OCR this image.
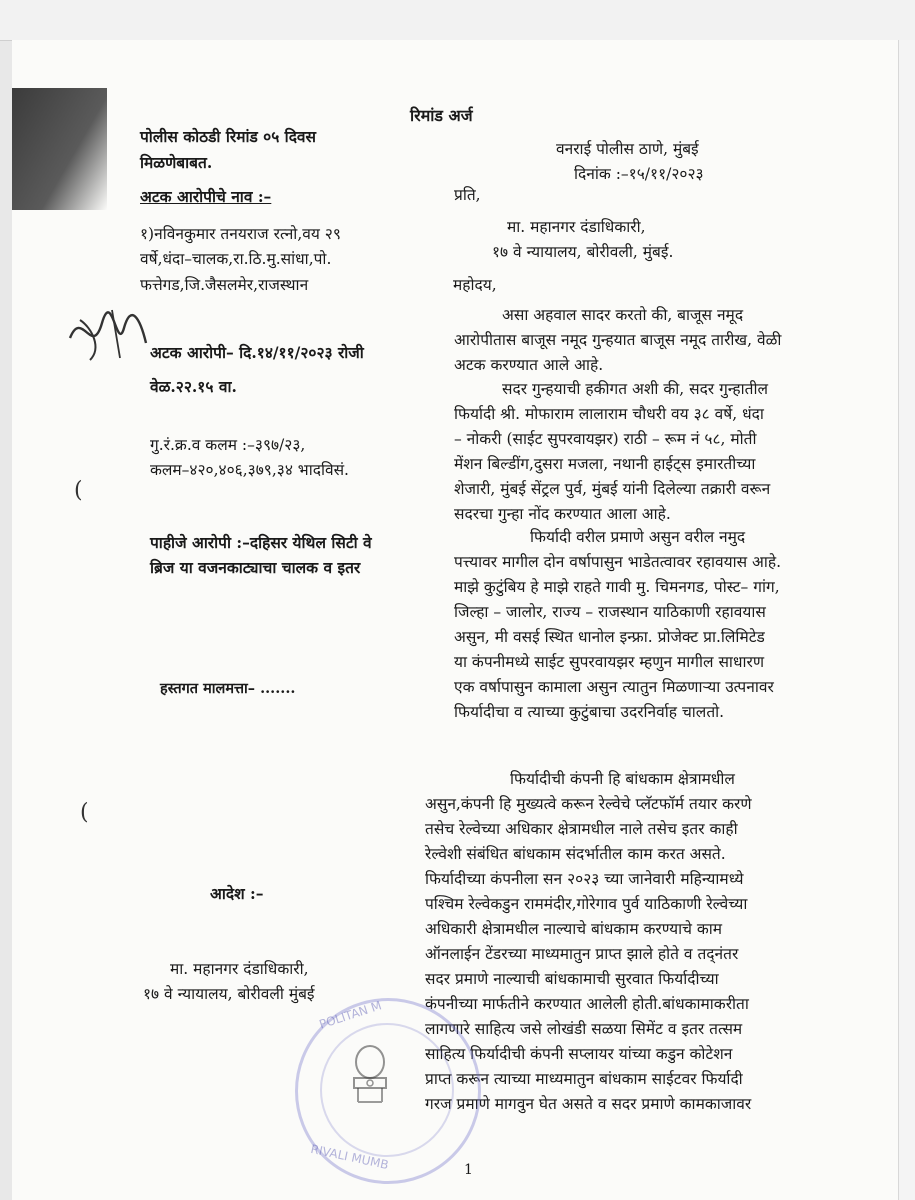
रिमांड अर्ज
पोलीस कोठडी रिमांड ०५ दिवस
मिळणेबाबत.
अटक आरोपीचे नाव :–
१)नविनकुमार तनयराज रत्नो,वय २९
वर्षे,धंदा–चालक,रा.ठि.मु.सांधा,पो.
फत्तेगड,जि.जैसलमेर,राजस्थान
अटक आरोपी– दि.१४/११/२०२३ रोजी
वेळ.२२.१५ वा.
गु.रं.क्र.व कलम :–३९७/२३,
कलम–४२०,४०६,३७९,३४ भादविसं.
(
पाहीजे आरोपी :–दहिसर येथिल सिटी वे
ब्रिज या वजनकाट्याचा चालक व इतर
हस्तगत मालमत्ता– .......
(
आदेश :–
मा. महानगर दंडाधिकारी,
१७ वे न्यायालय, बोरीवली मुंबई
वनराई पोलीस ठाणे, मुंबई
दिनांक :–१५/११/२०२३
प्रति,
मा. महानगर दंडाधिकारी,
१७ वे न्यायालय, बोरीवली, मुंबई.
महोदय,
असा अहवाल सादर करतो की, बाजूस नमूद
आरोपीतास बाजूस नमूद गुन्हयात बाजूस नमूद तारीख, वेळी
अटक करण्यात आले आहे.
सदर गुन्हयाची हकीगत अशी की, सदर गुन्हातील
फिर्यादी श्री. मोफाराम लालाराम चौधरी वय ३८ वर्षे, धंदा
– नोकरी (साईट सुपरवायझर) राठी – रूम नं ५८, मोती
मेंशन बिल्डींग,दुसरा मजला, नथानी हाईट्स इमारतीच्या
शेजारी, मुंबई सेंट्रल पुर्व, मुंबई यांनी दिलेल्या तक्रारी वरून
सदरचा गुन्हा नोंद करण्यात आला आहे.
फिर्यादी वरील प्रमाणे असुन वरील नमुद
पत्त्यावर मागील दोन वर्षापासुन भाडेतत्वावर रहावयास आहे.
माझे कुटुंबिय हे माझे राहते गावी मु. चिमनगड, पोस्ट– गांग,
जिल्हा – जालोर, राज्य – राजस्थान याठिकाणी रहावयास
असुन, मी वसई स्थित धानोल इन्फ्रा. प्रोजेक्ट प्रा.लिमिटेड
या कंपनीमध्ये साईट सुपरवायझर म्हणुन मागील साधारण
एक वर्षापासुन कामाला असुन त्यातुन मिळणाऱ्या उत्पनावर
फिर्यादीचा व त्याच्या कुटुंबाचा उदरनिर्वाह चालतो.
फिर्यादीची कंपनी हि बांधकाम क्षेत्रामधील
असुन,कंपनी हि मुख्यत्वे करून रेल्वेचे प्लॅटफॉर्म तयार करणे
तसेच रेल्वेच्या अधिकार क्षेत्रामधील नाले तसेच इतर काही
रेल्वेशी संबंधित बांधकाम संदर्भातील काम करत असते.
फिर्यादीच्या कंपनीला सन २०२३ च्या जानेवारी महिन्यामध्ये
पश्चिम रेल्वेकडुन राममंदीर,गोरेगाव पुर्व याठिकाणी रेल्वेच्या
अधिकारी क्षेत्रामधील नाल्याचे बांधकाम करण्याचे काम
ऑनलाईन टेंडरच्या माध्यमातुन प्राप्त झाले होते व तद्नंतर
सदर प्रमाणे नाल्याची बांधकामाची सुरवात फिर्यादीच्या
कंपनीच्या मार्फतीने करण्यात आलेली होती.बांधकामाकरीता
लागणारे साहित्य जसे लोखंडी सळया सिमेंट व इतर तत्सम
साहित्य फिर्यादीची कंपनी सप्लायर यांच्या कडुन कोटेशन
प्राप्त करून त्याच्या माध्यमातुन बांधकाम साईटवर फिर्यादी
गरज प्रमाणे मागवुन घेत असते व सदर प्रमाणे कामकाजावर
POLITAN M
RIVALI MUMB	1
